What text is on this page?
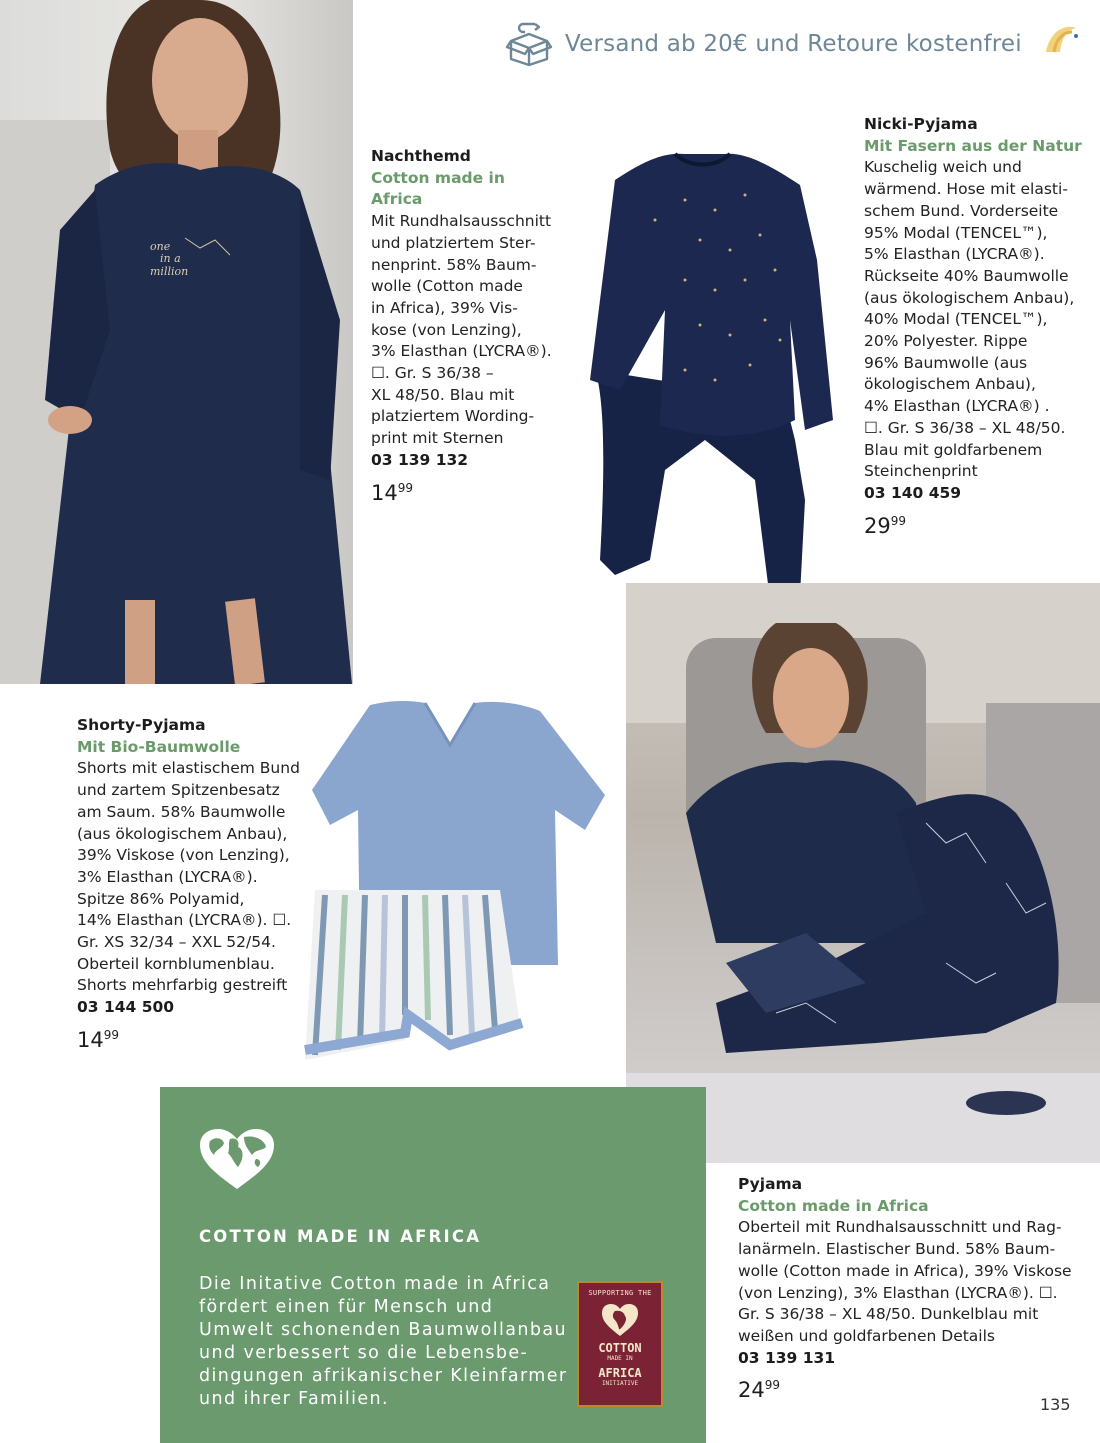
Versand ab 20€ und Retoure kostenfrei
one
in a
million
Nachthemd
Cotton made in
Africa
Mit Rundhalsausschnitt
und platziertem Ster-
nenprint. 58% Baum-
wolle (Cotton made
in Africa), 39% Vis-
kose (von Lenzing),
3% Elasthan (LYCRA®).
☐. Gr. S 36/38 –
XL 48/50. Blau mit
platziertem Wording-
print mit Sternen
03 139 132
$14^{99}$
Nicki-Pyjama
Mit Fasern aus der Natur
Kuschelig weich und
wärmend. Hose mit elasti-
schem Bund. Vorderseite
95% Modal (TENCEL™),
5% Elasthan (LYCRA®).
Rückseite 40% Baumwolle
(aus ökologischem Anbau),
40% Modal (TENCEL™),
20% Polyester. Rippe
96% Baumwolle (aus
ökologischem Anbau),
4% Elasthan (LYCRA®) .
☐. Gr. S 36/38 – XL 48/50.
Blau mit goldfarbenem
Steinchenprint
03 140 459
$29^{99}$
Shorty-Pyjama
Mit Bio-Baumwolle
Shorts mit elastischem Bund
und zartem Spitzenbesatz
am Saum. 58% Baumwolle
(aus ökologischem Anbau),
39% Viskose (von Lenzing),
3% Elasthan (LYCRA®).
Spitze 86% Polyamid,
14% Elasthan (LYCRA®). ☐.
Gr. XS 32/34 – XXL 52/54.
Oberteil kornblumenblau.
Shorts mehrfarbig gestreift
03 144 500
$14^{99}$
Pyjama
Cotton made in Africa
Oberteil mit Rundhalsausschnitt und Rag-
lanärmeln. Elastischer Bund. 58% Baum-
wolle (Cotton made in Africa), 39% Viskose
(von Lenzing), 3% Elasthan (LYCRA®). ☐.
Gr. S 36/38 – XL 48/50. Dunkelblau mit
weißen und goldfarbenen Details
03 139 131
$24^{99}$
COTTON MADE IN AFRICA
Die Initative Cotton made in Africa
fördert einen für Mensch und
Umwelt schonenden Baumwollanbau
und verbessert so die Lebensbe-
dingungen afrikanischer Kleinfarmer
und ihrer Familien.
SUPPORTING THE
COTTON
MADE IN
AFRICA
INITIATIVE
135
